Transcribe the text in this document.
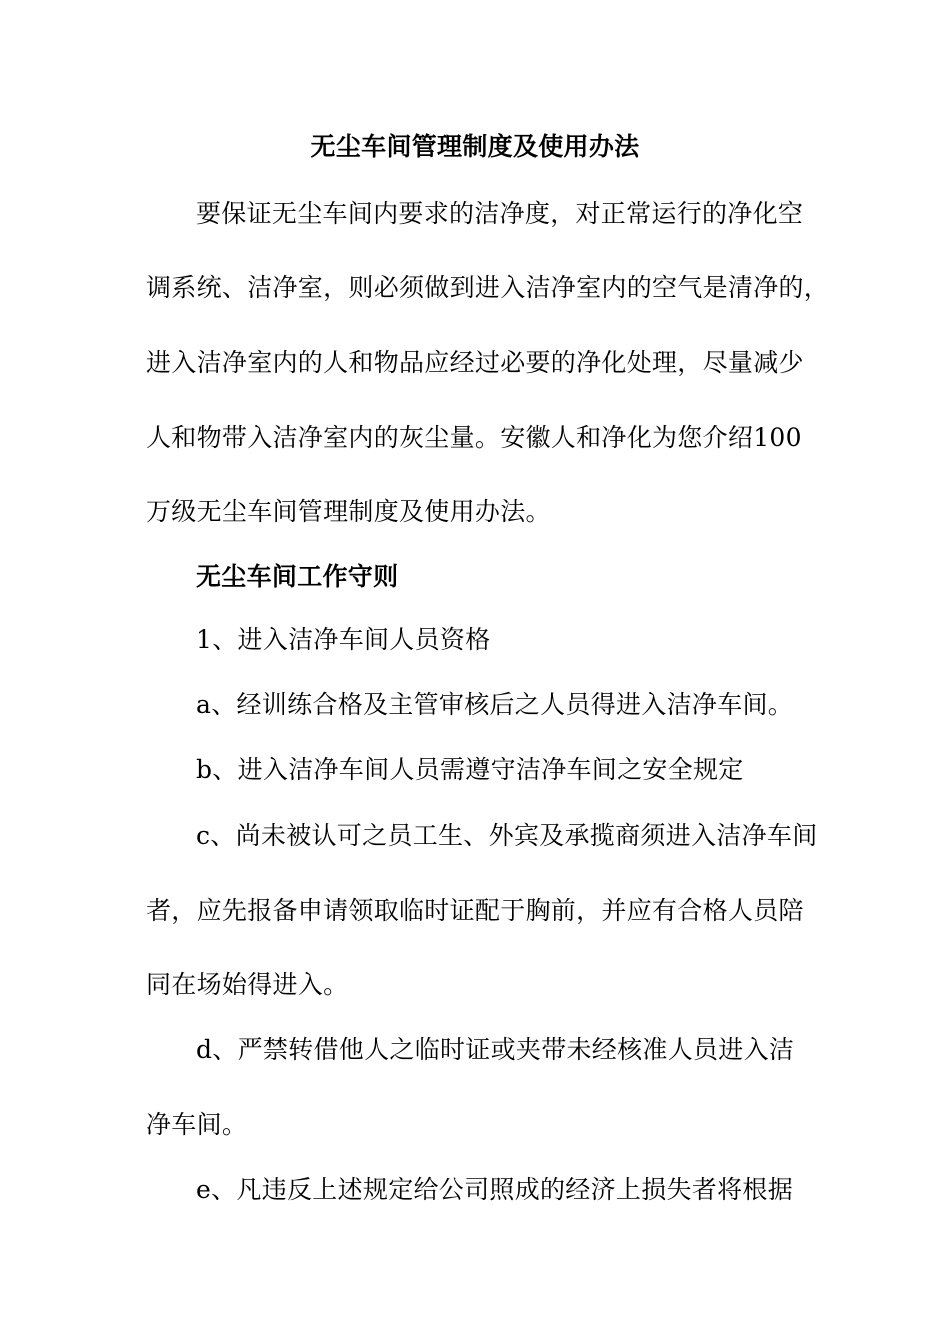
无尘车间管理制度及使用办法
要保证无尘车间内要求的洁净度，对正常运行的净化空
调系统、洁净室，则必须做到进入洁净室内的空气是清净的，
进入洁净室内的人和物品应经过必要的净化处理，尽量减少
人和物带入洁净室内的灰尘量。安徽人和净化为您介绍100
万级无尘车间管理制度及使用办法。
无尘车间工作守则
1、进入洁净车间人员资格
a、经训练合格及主管审核后之人员得进入洁净车间。
b、进入洁净车间人员需遵守洁净车间之安全规定
c、尚未被认可之员工生、外宾及承揽商须进入洁净车间
者，应先报备申请领取临时证配于胸前，并应有合格人员陪
同在场始得进入。
d、严禁转借他人之临时证或夹带未经核准人员进入洁
净车间。
e、凡违反上述规定给公司照成的经济上损失者将根据
